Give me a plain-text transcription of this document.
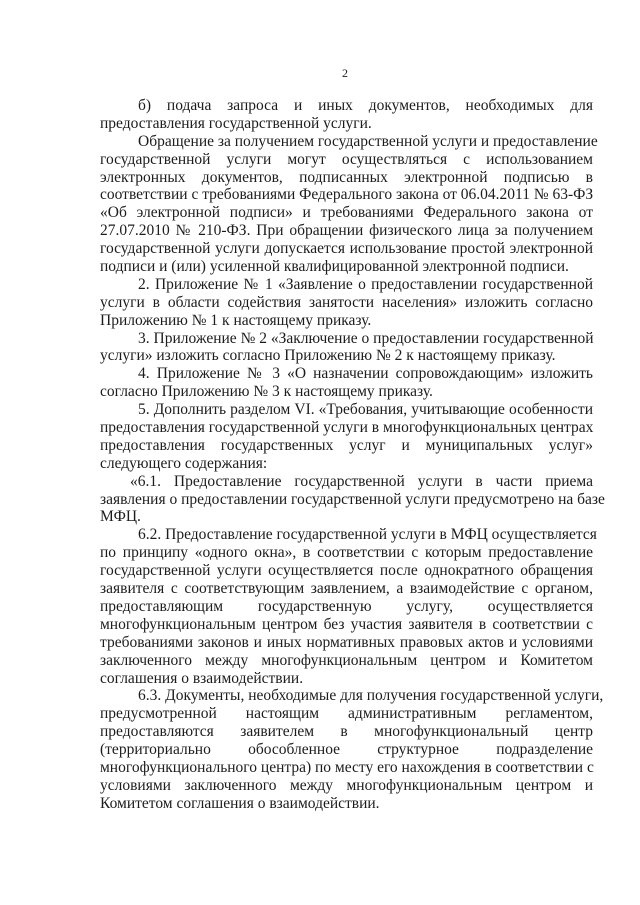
2
б) подача запроса и иных документов, необходимых для
предоставления государственной услуги.
Обращение за получением государственной услуги и предоставление
государственной услуги могут осуществляться с использованием
электронных документов, подписанных электронной подписью в
соответствии с требованиями Федерального закона от 06.04.2011 № 63-ФЗ
«Об электронной подписи» и требованиями Федерального закона от
27.07.2010 № 210-ФЗ. При обращении физического лица за получением
государственной услуги допускается использование простой электронной
подписи и (или) усиленной квалифицированной электронной подписи.
2. Приложение № 1 «Заявление о предоставлении государственной
услуги в области содействия занятости населения» изложить согласно
Приложению № 1 к настоящему приказу.
3. Приложение № 2 «Заключение о предоставлении государственной
услуги» изложить согласно Приложению № 2 к настоящему приказу.
4. Приложение № 3 «О назначении сопровождающим» изложить
согласно Приложению № 3 к настоящему приказу.
5. Дополнить разделом VI. «Требования, учитывающие особенности
предоставления государственной услуги в многофункциональных центрах
предоставления государственных услуг и муниципальных услуг»
следующего содержания:
«6.1. Предоставление государственной услуги в части приема
заявления о предоставлении государственной услуги предусмотрено на базе
МФЦ.
6.2. Предоставление государственной услуги в МФЦ осуществляется
по принципу «одного окна», в соответствии с которым предоставление
государственной услуги осуществляется после однократного обращения
заявителя с соответствующим заявлением, а взаимодействие с органом,
предоставляющим государственную услугу, осуществляется
многофункциональным центром без участия заявителя в соответствии с
требованиями законов и иных нормативных правовых актов и условиями
заключенного между многофункциональным центром и Комитетом
соглашения о взаимодействии.
6.3. Документы, необходимые для получения государственной услуги,
предусмотренной настоящим административным регламентом,
предоставляются заявителем в многофункциональный центр
(территориально обособленное структурное подразделение
многофункционального центра) по месту его нахождения в соответствии с
условиями заключенного между многофункциональным центром и
Комитетом соглашения о взаимодействии.
